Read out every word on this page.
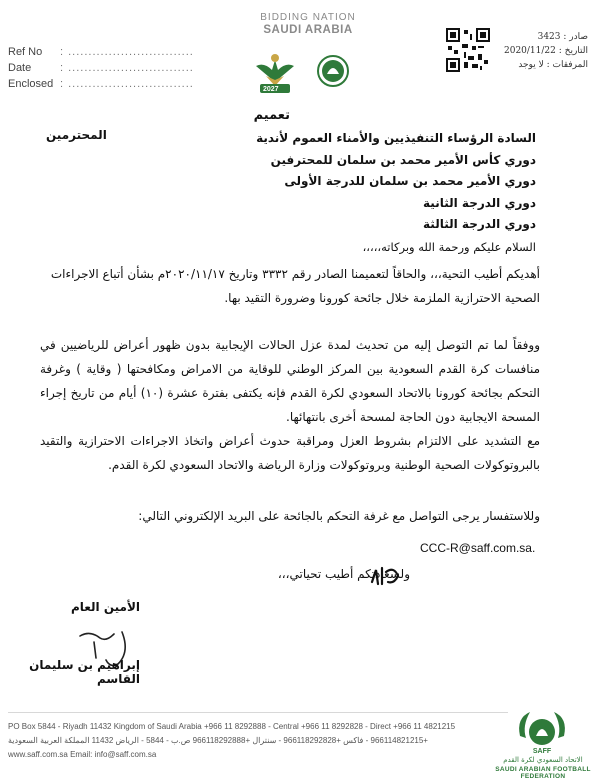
Ref No	: ...............................
Date	: ...............................
Enclosed : ...............................
BIDDING NATION
SAUDI ARABIA
2027
صادر : 3423
التاريخ : 2020/11/22
المرفقات : لا يوجد
تعميم
السادة الرؤساء التنفيذيين والأمناء العموم لأندية
دوري كأس الأمير محمد بن سلمان للمحترفين
دوري الأمير محمد بن سلمان للدرجة الأولى
دوري الدرجة الثانية
دوري الدرجة الثالثة
المحترمين
السلام عليكم ورحمة الله وبركاته،،،،،
أهديكم أطيب التحية،،، والحاقاً لتعميمنا الصادر رقم ٣٣٣٢ وتاريخ ٢٠٢٠/١١/١٧م بشأن أتباع الاجراءات الصحية الاحترازية الملزمة خلال جائحة كورونا وضرورة التقيد بها.
ووفقاً لما تم التوصل إليه من تحديث لمدة عزل الحالات الإيجابية بدون ظهور أعراض للرياضيين في منافسات كرة القدم السعودية بين المركز الوطني للوقاية من الامراض ومكافحتها ( وقاية ) وغرفة التحكم بجائحة كورونا بالاتحاد السعودي لكرة القدم فإنه يكتفى بفترة عشرة (١٠) أيام من تاريخ إجراء المسحة الايجابية دون الحاجة لمسحة أخرى بانتهائها.
مع التشديد على الالتزام بشروط العزل ومراقبة حدوث أعراض واتخاذ الاجراءات الاحترازية والتقيد بالبروتوكولات الصحية الوطنية وبروتوكولات وزارة الرياضة والاتحاد السعودي لكرة القدم.
وللاستفسار يرجى التواصل مع غرفة التحكم بالجائحة على البريد الإلكتروني التالي:
CCC-R@saff.com.sa.
ولسعادتكم أطيب تحياتي،،،
الأمين العام
إبراهيم بن سليمان القاسم
PO Box 5844 - Riyadh 11432 Kingdom of Saudi Arabia +966 11 8292888 - Central +966 11 8292828 - Direct +966 11 4821215
+966114821215 - فاكس +966118292828 - سنترال +966118292888 ص.ب - 5844 - الرياض 11432 المملكة العربية السعودية
www.saff.com.sa Email: info@saff.com.sa	SAFF
الاتحاد السعودي لكرة القدم
SAUDI ARABIAN FOOTBALL FEDERATION
